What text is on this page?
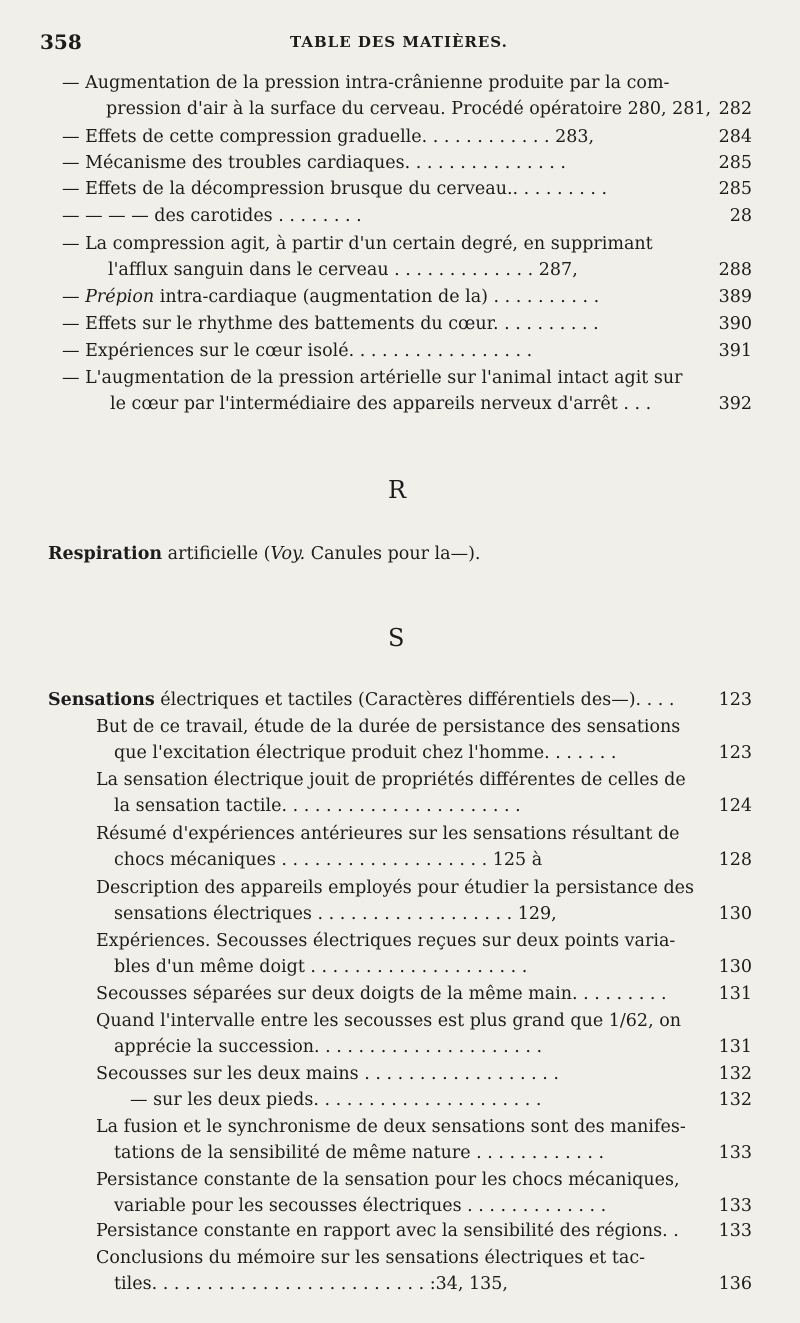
358	TABLE DES MATIÈRES.
— Augmentation de la pression intra-crânienne produite par la com-
pression d'air à la surface du cerveau. Procédé opératoire 280, 281, 282
— Effets de cette compression graduelle. . . . . . . . . . . . 283,	284
— Mécanisme des troubles cardiaques. . . . . . . . . . . . . . .	285
— Effets de la décompression brusque du cerveau.. . . . . . . . .	285
— — — — des carotides . . . . . . . .	28
— La compression agit, à partir d'un certain degré, en supprimant
l'afflux sanguin dans le cerveau . . . . . . . . . . . . . 287,	288
— Prépion intra-cardiaque (augmentation de la) . . . . . . . . . .	389
— Effets sur le rhythme des battements du cœur. . . . . . . . . .	390
— Expériences sur le cœur isolé. . . . . . . . . . . . . . . . .	391
— L'augmentation de la pression artérielle sur l'animal intact agit sur
le cœur par l'intermédiaire des appareils nerveux d'arrêt . . .	392
R
Respiration artificielle (Voy. Canules pour la—).
S
Sensations électriques et tactiles (Caractères différentiels des—). . . .	123
But de ce travail, étude de la durée de persistance des sensations
que l'excitation électrique produit chez l'homme. . . . . . .	123
La sensation électrique jouit de propriétés différentes de celles de
la sensation tactile. . . . . . . . . . . . . . . . . . . . . .	124
Résumé d'expériences antérieures sur les sensations résultant de
chocs mécaniques . . . . . . . . . . . . . . . . . . . 125 à	128
Description des appareils employés pour étudier la persistance des
sensations électriques . . . . . . . . . . . . . . . . . . 129,	130
Expériences. Secousses électriques reçues sur deux points varia-
bles d'un même doigt . . . . . . . . . . . . . . . . . . . .	130
Secousses séparées sur deux doigts de la même main. . . . . . . . .	131
Quand l'intervalle entre les secousses est plus grand que 1/62, on
apprécie la succession. . . . . . . . . . . . . . . . . . . . .	131
Secousses sur les deux mains . . . . . . . . . . . . . . . . . .	132
— sur les deux pieds. . . . . . . . . . . . . . . . . . . . .	132
La fusion et le synchronisme de deux sensations sont des manifes-
tations de la sensibilité de même nature . . . . . . . . . . . .	133
Persistance constante de la sensation pour les chocs mécaniques,
variable pour les secousses électriques . . . . . . . . . . . . .	133
Persistance constante en rapport avec la sensibilité des régions. . 133
Conclusions du mémoire sur les sensations électriques et tac-
tiles. . . . . . . . . . . . . . . . . . . . . . . . . :34, 135,	136
